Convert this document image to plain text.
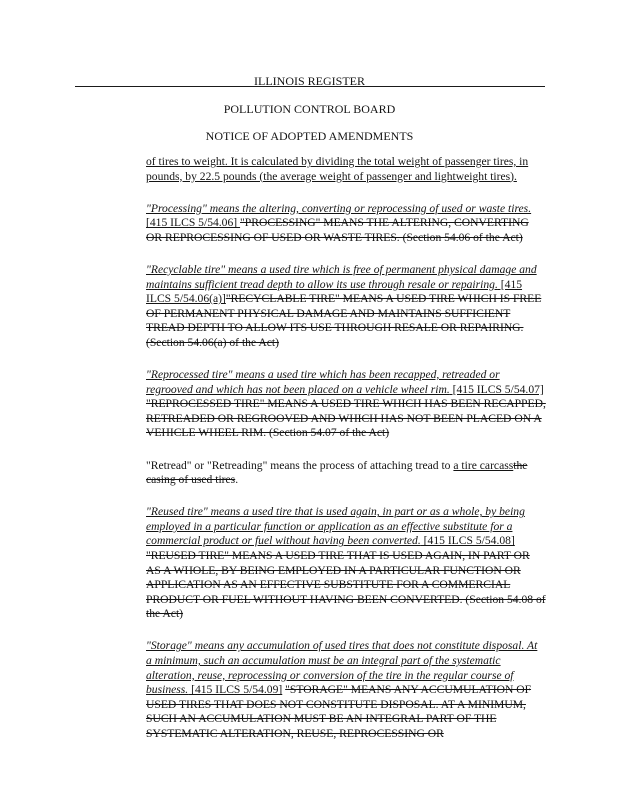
ILLINOIS REGISTER
POLLUTION CONTROL BOARD
NOTICE OF ADOPTED AMENDMENTS

of tires to weight. It is calculated by dividing the total weight of passenger tires, in pounds, by 22.5 pounds (the average weight of passenger and lightweight tires).

"Processing" means the altering, converting or reprocessing of used or waste tires. [415 ILCS 5/54.06] "PROCESSING" MEANS THE ALTERING, CONVERTING OR REPROCESSING OF USED OR WASTE TIRES. (Section 54.06 of the Act)

"Recyclable tire" means a used tire which is free of permanent physical damage and maintains sufficient tread depth to allow its use through resale or repairing. [415 ILCS 5/54.06(a)]"RECYCLABLE TIRE" MEANS A USED TIRE WHICH IS FREE OF PERMANENT PHYSICAL DAMAGE AND MAINTAINS SUFFICIENT TREAD DEPTH TO ALLOW ITS USE THROUGH RESALE OR REPAIRING. (Section 54.06(a) of the Act)

"Reprocessed tire" means a used tire which has been recapped, retreaded or regrooved and which has not been placed on a vehicle wheel rim. [415 ILCS 5/54.07] "REPROCESSED TIRE" MEANS A USED TIRE WHICH HAS BEEN RECAPPED, RETREADED OR REGROOVED AND WHICH HAS NOT BEEN PLACED ON A VEHICLE WHEEL RIM. (Section 54.07 of the Act)

"Retread" or "Retreading" means the process of attaching tread to a tire carcassthe casing of used tires.

"Reused tire" means a used tire that is used again, in part or as a whole, by being employed in a particular function or application as an effective substitute for a commercial product or fuel without having been converted. [415 ILCS 5/54.08] "REUSED TIRE" MEANS A USED TIRE THAT IS USED AGAIN, IN PART OR AS A WHOLE, BY BEING EMPLOYED IN A PARTICULAR FUNCTION OR APPLICATION AS AN EFFECTIVE SUBSTITUTE FOR A COMMERCIAL PRODUCT OR FUEL WITHOUT HAVING BEEN CONVERTED. (Section 54.08 of the Act)

"Storage" means any accumulation of used tires that does not constitute disposal. At a minimum, such an accumulation must be an integral part of the systematic alteration, reuse, reprocessing or conversion of the tire in the regular course of business. [415 ILCS 5/54.09] "STORAGE" MEANS ANY ACCUMULATION OF USED TIRES THAT DOES NOT CONSTITUTE DISPOSAL. AT A MINIMUM, SUCH AN ACCUMULATION MUST BE AN INTEGRAL PART OF THE SYSTEMATIC ALTERATION, REUSE, REPROCESSING OR
